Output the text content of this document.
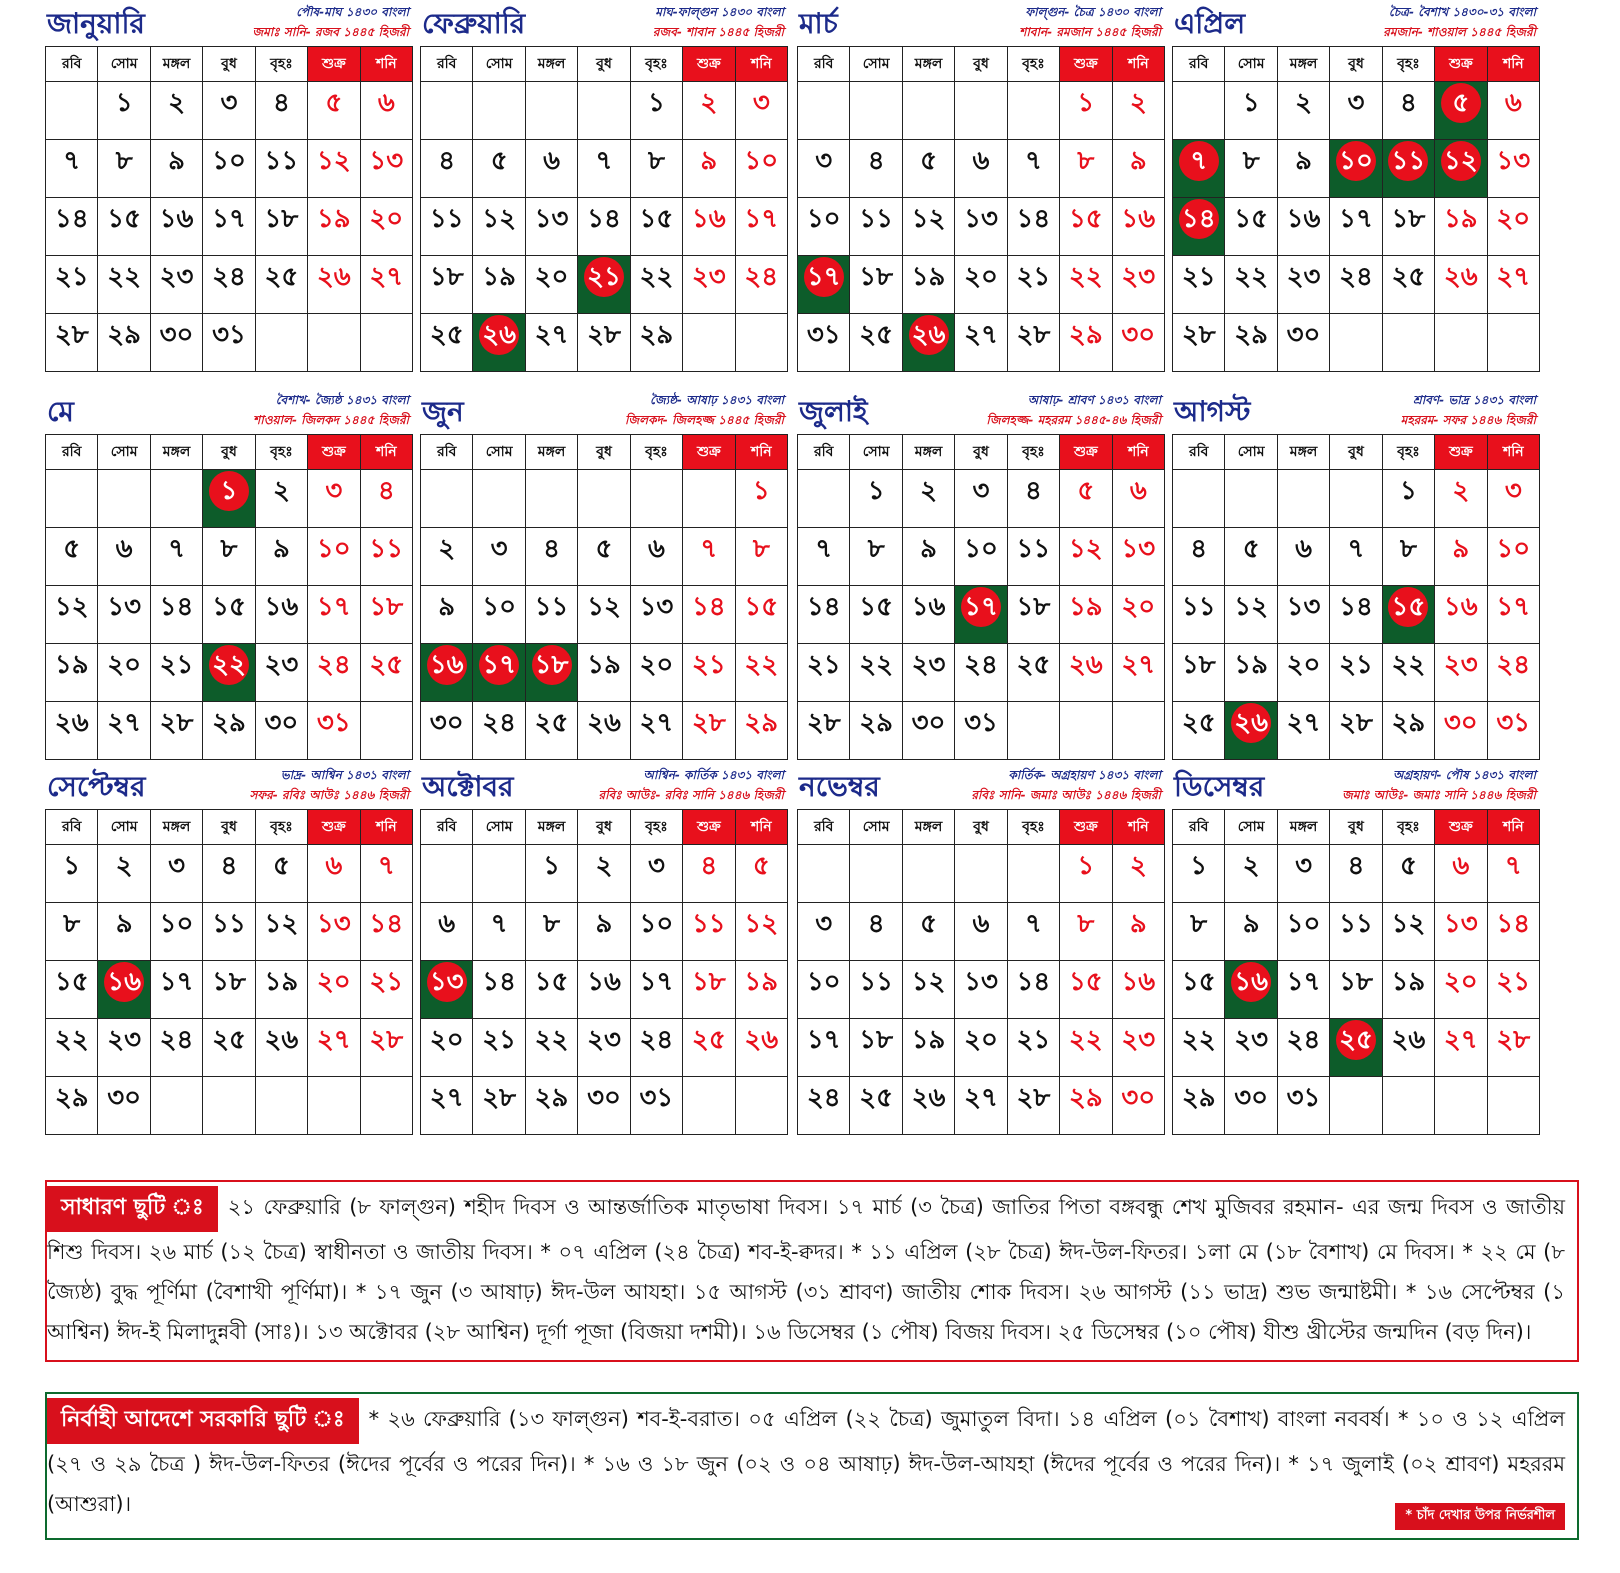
জানুয়ারি	পৌষ-মাঘ ১৪৩০ বাংলা
জমাঃ সানি- রজব ১৪৪৫ হিজরী
রবি	সোম	মঙ্গল	বুধ	বৃহঃ	শুক্র	শনি

	১	২	৩	৪	৫	৬

৭	৮	৯	১০	১১	১২	১৩

১৪	১৫	১৬	১৭	১৮	১৯	২০

২১	২২	২৩	২৪	২৫	২৬	২৭

২৮	২৯	৩০	৩১			

ফেব্রুয়ারি	মাঘ-ফাল্গুন ১৪৩০ বাংলা
রজব- শাবান ১৪৪৫ হিজরী
রবি	সোম	মঙ্গল	বুধ	বৃহঃ	শুক্র	শনি

				১	২	৩

৪	৫	৬	৭	৮	৯	১০

১১	১২	১৩	১৪	১৫	১৬	১৭

১৮	১৯	২০	২১	২২	২৩	২৪

২৫	২৬	২৭	২৮	২৯		

মার্চ	ফাল্গুন- চৈত্র ১৪৩০ বাংলা
শাবান- রমজান ১৪৪৫ হিজরী
রবি	সোম	মঙ্গল	বুধ	বৃহঃ	শুক্র	শনি

					১	২

৩	৪	৫	৬	৭	৮	৯

১০	১১	১২	১৩	১৪	১৫	১৬

১৭	১৮	১৯	২০	২১	২২	২৩

৩১	২৫	২৬	২৭	২৮	২৯	৩০
এপ্রিল	চৈত্র- বৈশাখ ১৪৩০-৩১ বাংলা
রমজান- শাওয়াল ১৪৪৫ হিজরী
রবি	সোম	মঙ্গল	বুধ	বৃহঃ	শুক্র	শনি

	১	২	৩	৪	৫	৬

৭	৮	৯	১০	১১	১২	১৩

১৪	১৫	১৬	১৭	১৮	১৯	২০

২১	২২	২৩	২৪	২৫	২৬	২৭

২৮	২৯	৩০				

মে	বৈশাখ- জ্যৈষ্ঠ ১৪৩১ বাংলা
শাওয়াল- জিলকদ ১৪৪৫ হিজরী
রবি	সোম	মঙ্গল	বুধ	বৃহঃ	শুক্র	শনি

			১	২	৩	৪

৫	৬	৭	৮	৯	১০	১১

১২	১৩	১৪	১৫	১৬	১৭	১৮

১৯	২০	২১	২২	২৩	২৪	২৫

২৬	২৭	২৮	২৯	৩০	৩১	

জুন	জ্যৈষ্ঠ- আষাঢ় ১৪৩১ বাংলা
জিলকদ- জিলহজ্জ ১৪৪৫ হিজরী
রবি	সোম	মঙ্গল	বুধ	বৃহঃ	শুক্র	শনি

						১

২	৩	৪	৫	৬	৭	৮

৯	১০	১১	১২	১৩	১৪	১৫

১৬	১৭	১৮	১৯	২০	২১	২২

৩০	২৪	২৫	২৬	২৭	২৮	২৯
জুলাই	আষাঢ়- শ্রাবণ ১৪৩১ বাংলা
জিলহজ্জ- মহররম ১৪৪৫-৪৬ হিজরী
রবি	সোম	মঙ্গল	বুধ	বৃহঃ	শুক্র	শনি

	১	২	৩	৪	৫	৬

৭	৮	৯	১০	১১	১২	১৩

১৪	১৫	১৬	১৭	১৮	১৯	২০

২১	২২	২৩	২৪	২৫	২৬	২৭

২৮	২৯	৩০	৩১			

আগস্ট	শ্রাবণ- ভাদ্র ১৪৩১ বাংলা
মহররম- সফর ১৪৪৬ হিজরী
রবি	সোম	মঙ্গল	বুধ	বৃহঃ	শুক্র	শনি

				১	২	৩

৪	৫	৬	৭	৮	৯	১০

১১	১২	১৩	১৪	১৫	১৬	১৭

১৮	১৯	২০	২১	২২	২৩	২৪

২৫	২৬	২৭	২৮	২৯	৩০	৩১
সেপ্টেম্বর	ভাদ্র- আশ্বিন ১৪৩১ বাংলা
সফর- রবিঃ আউঃ ১৪৪৬ হিজরী
রবি	সোম	মঙ্গল	বুধ	বৃহঃ	শুক্র	শনি

১	২	৩	৪	৫	৬	৭

৮	৯	১০	১১	১২	১৩	১৪

১৫	১৬	১৭	১৮	১৯	২০	২১

২২	২৩	২৪	২৫	২৬	২৭	২৮

২৯	৩০					

অক্টোবর	আশ্বিন- কার্তিক ১৪৩১ বাংলা
রবিঃ আউঃ- রবিঃ সানি ১৪৪৬ হিজরী
রবি	সোম	মঙ্গল	বুধ	বৃহঃ	শুক্র	শনি

		১	২	৩	৪	৫

৬	৭	৮	৯	১০	১১	১২

১৩	১৪	১৫	১৬	১৭	১৮	১৯

২০	২১	২২	২৩	২৪	২৫	২৬

২৭	২৮	২৯	৩০	৩১		

নভেম্বর	কার্তিক- অগ্রহায়ণ ১৪৩১ বাংলা
রবিঃ সানি- জমাঃ আউঃ ১৪৪৬ হিজরী
রবি	সোম	মঙ্গল	বুধ	বৃহঃ	শুক্র	শনি

					১	২

৩	৪	৫	৬	৭	৮	৯

১০	১১	১২	১৩	১৪	১৫	১৬

১৭	১৮	১৯	২০	২১	২২	২৩

২৪	২৫	২৬	২৭	২৮	২৯	৩০
ডিসেম্বর	অগ্রহায়ণ- পৌষ ১৪৩১ বাংলা
জমাঃ আউঃ- জমাঃ সানি ১৪৪৬ হিজরী
রবি	সোম	মঙ্গল	বুধ	বৃহঃ	শুক্র	শনি

১	২	৩	৪	৫	৬	৭

৮	৯	১০	১১	১২	১৩	১৪

১৫	১৬	১৭	১৮	১৯	২০	২১

২২	২৩	২৪	২৫	২৬	২৭	২৮

২৯	৩০	৩১				

সাধারণ ছুটি ঃ ২১ ফেব্রুয়ারি (৮ ফাল্গুন) শহীদ দিবস ও আন্তর্জাতিক মাতৃভাষা দিবস। ১৭ মার্চ (৩ চৈত্র) জাতির পিতা বঙ্গবন্ধু শেখ মুজিবর রহমান- এর জন্ম দিবস ও জাতীয় শিশু দিবস। ২৬ মার্চ (১২ চৈত্র) স্বাধীনতা ও জাতীয় দিবস। * ০৭ এপ্রিল (২৪ চৈত্র) শব-ই-ক্বদর। * ১১ এপ্রিল (২৮ চৈত্র) ঈদ-উল-ফিতর। ১লা মে (১৮ বৈশাখ) মে দিবস। * ২২ মে (৮ জ্যৈষ্ঠ) বুদ্ধ পূর্ণিমা (বৈশাখী পূর্ণিমা)। * ১৭ জুন (৩ আষাঢ়) ঈদ-উল আযহা। ১৫ আগস্ট (৩১ শ্রাবণ) জাতীয় শোক দিবস। ২৬ আগস্ট (১১ ভাদ্র) শুভ জন্মাষ্টমী। * ১৬ সেপ্টেম্বর (১ আশ্বিন) ঈদ-ই মিলাদুন্নবী (সাঃ)। ১৩ অক্টোবর (২৮ আশ্বিন) দূর্গা পূজা (বিজয়া দশমী)। ১৬ ডিসেম্বর (১ পৌষ) বিজয় দিবস। ২৫ ডিসেম্বর (১০ পৌষ) যীশু খ্রীস্টের জন্মদিন (বড় দিন)।
নির্বাহী আদেশে সরকারি ছুটি ঃ * ২৬ ফেব্রুয়ারি (১৩ ফাল্গুন) শব-ই-বরাত। ০৫ এপ্রিল (২২ চৈত্র) জুমাতুল বিদা। ১৪ এপ্রিল (০১ বৈশাখ) বাংলা নববর্ষ। * ১০ ও ১২ এপ্রিল (২৭ ও ২৯ চৈত্র ) ঈদ-উল-ফিতর (ঈদের পূর্বের ও পরের দিন)। * ১৬ ও ১৮ জুন (০২ ও ০৪ আষাঢ়) ঈদ-উল-আযহা (ঈদের পূর্বের ও পরের দিন)। * ১৭ জুলাই (০২ শ্রাবণ) মহররম (আশুরা)।	* চাঁদ দেখার উপর নির্ভরশীল
